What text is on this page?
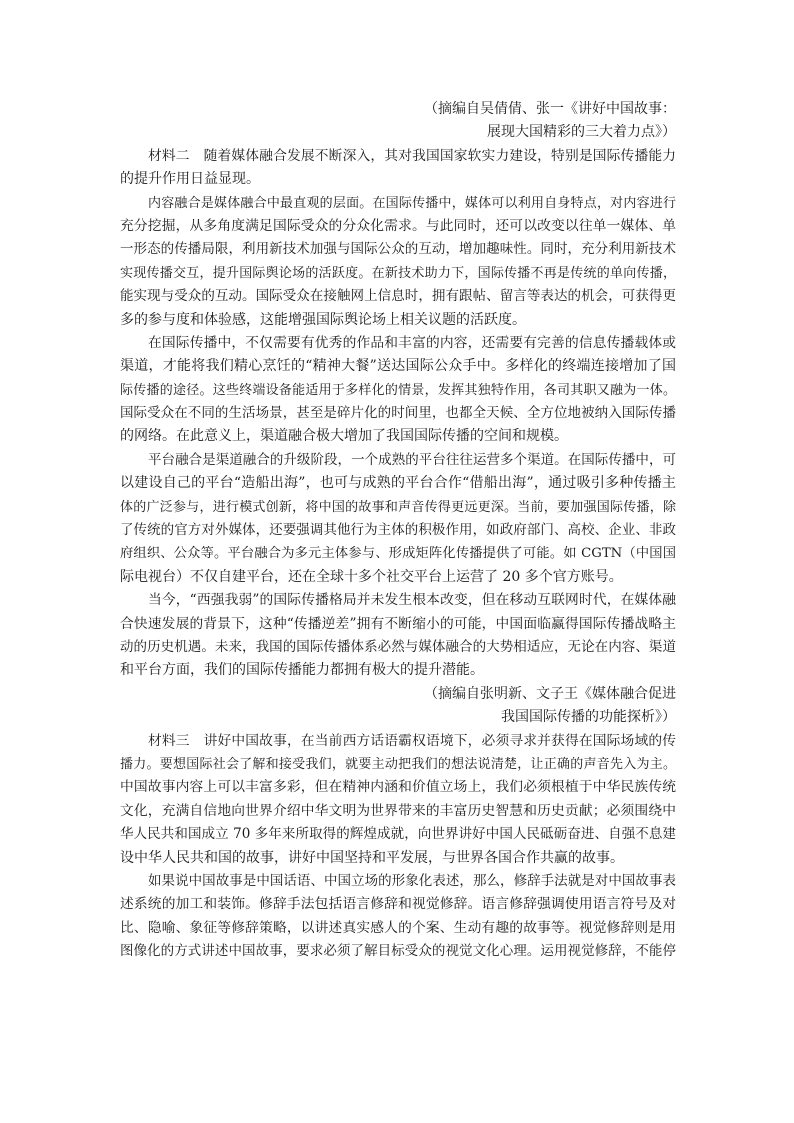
（摘编自吴倩倩、张一《讲好中国故事：
展现大国精彩的三大着力点》）
材料二　随着媒体融合发展不断深入，其对我国国家软实力建设，特别是国际传播能力
的提升作用日益显现。
内容融合是媒体融合中最直观的层面。在国际传播中，媒体可以利用自身特点，对内容进行
充分挖掘，从多角度满足国际受众的分众化需求。与此同时，还可以改变以往单一媒体、单
一形态的传播局限，利用新技术加强与国际公众的互动，增加趣味性。同时，充分利用新技术
实现传播交互，提升国际舆论场的活跃度。在新技术助力下，国际传播不再是传统的单向传播，
能实现与受众的互动。国际受众在接触网上信息时，拥有跟帖、留言等表达的机会，可获得更
多的参与度和体验感，这能增强国际舆论场上相关议题的活跃度。
在国际传播中，不仅需要有优秀的作品和丰富的内容，还需要有完善的信息传播载体或
渠道，才能将我们精心烹饪的“精神大餐”送达国际公众手中。多样化的终端连接增加了国
际传播的途径。这些终端设备能适用于多样化的情景，发挥其独特作用，各司其职又融为一体。
国际受众在不同的生活场景，甚至是碎片化的时间里，也都全天候、全方位地被纳入国际传播
的网络。在此意义上，渠道融合极大增加了我国国际传播的空间和规模。
平台融合是渠道融合的升级阶段，一个成熟的平台往往运营多个渠道。在国际传播中，可
以建设自己的平台“造船出海”，也可与成熟的平台合作“借船出海”，通过吸引多种传播主
体的广泛参与，进行模式创新，将中国的故事和声音传得更远更深。当前，要加强国际传播，除
了传统的官方对外媒体，还要强调其他行为主体的积极作用，如政府部门、高校、企业、非政
府组织、公众等。平台融合为多元主体参与、形成矩阵化传播提供了可能。如 CGTN（中国国
际电视台）不仅自建平台，还在全球十多个社交平台上运营了 20 多个官方账号。
当今，“西强我弱”的国际传播格局并未发生根本改变，但在移动互联网时代，在媒体融
合快速发展的背景下，这种“传播逆差”拥有不断缩小的可能，中国面临赢得国际传播战略主
动的历史机遇。未来，我国的国际传播体系必然与媒体融合的大势相适应，无论在内容、渠道
和平台方面，我们的国际传播能力都拥有极大的提升潜能。
（摘编自张明新、文子王《媒体融合促进
我国国际传播的功能探析》）
材料三　讲好中国故事，在当前西方话语霸权语境下，必须寻求并获得在国际场域的传
播力。要想国际社会了解和接受我们，就要主动把我们的想法说清楚，让正确的声音先入为主。
中国故事内容上可以丰富多彩，但在精神内涵和价值立场上，我们必须根植于中华民族传统
文化，充满自信地向世界介绍中华文明为世界带来的丰富历史智慧和历史贡献；必须围绕中
华人民共和国成立 70 多年来所取得的辉煌成就，向世界讲好中国人民砥砺奋进、自强不息建
设中华人民共和国的故事，讲好中国坚持和平发展，与世界各国合作共赢的故事。
如果说中国故事是中国话语、中国立场的形象化表述，那么，修辞手法就是对中国故事表
述系统的加工和装饰。修辞手法包括语言修辞和视觉修辞。语言修辞强调使用语言符号及对
比、隐喻、象征等修辞策略，以讲述真实感人的个案、生动有趣的故事等。视觉修辞则是用
图像化的方式讲述中国故事，要求必须了解目标受众的视觉文化心理。运用视觉修辞，不能停
